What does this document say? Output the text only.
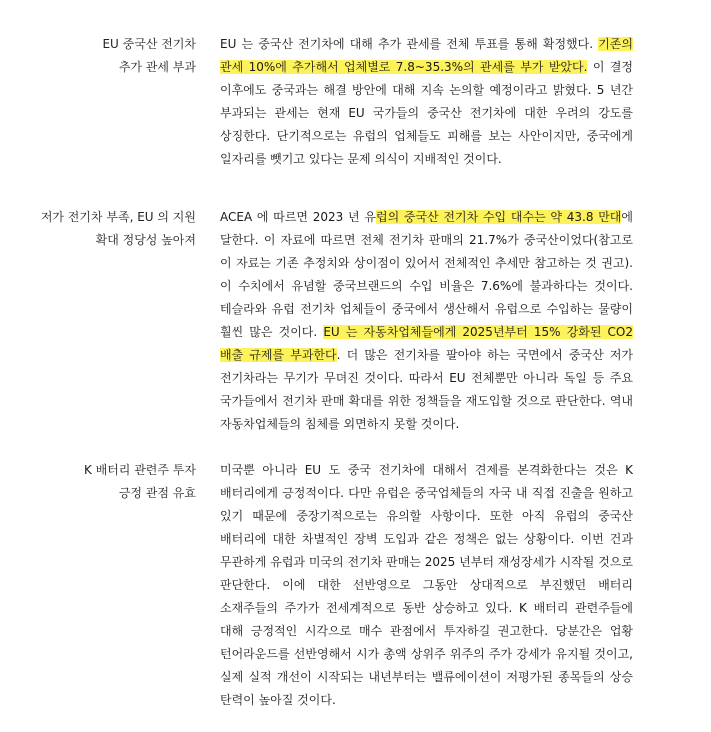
EU 중국산 전기차
추가 관세 부과
EU 는 중국산 전기차에 대해 추가 관세를 전체 투표를 통해 확정했다. 기존의 관세 10%에 추가해서 업체별로 7.8~35.3%의 관세를 부가 받았다. 이 결정 이후에도 중국과는 해결 방안에 대해 지속 논의할 예정이라고 밝혔다. 5 년간 부과되는 관세는 현재 EU 국가들의 중국산 전기차에 대한 우려의 강도를 상징한다. 단기적으로는 유럽의 업체들도 피해를 보는 사안이지만, 중국에게 일자리를 뺏기고 있다는 문제 의식이 지배적인 것이다.
저가 전기차 부족, EU 의 지원
확대 정당성 높아져
ACEA 에 따르면 2023 년 유럽의 중국산 전기차 수입 대수는 약 43.8 만대에 달한다. 이 자료에 따르면 전체 전기차 판매의 21.7%가 중국산이었다(참고로 이 자료는 기존 추정치와 상이점이 있어서 전체적인 추세만 참고하는 것 권고). 이 수치에서 유념할 중국브랜드의 수입 비율은 7.6%에 불과하다는 것이다. 테슬라와 유럽 전기차 업체들이 중국에서 생산해서 유럽으로 수입하는 물량이 훨씬 많은 것이다. EU 는 자동차업체들에게 2025년부터 15% 강화된 CO2 배출 규제를 부과한다. 더 많은 전기차를 팔아야 하는 국면에서 중국산 저가 전기차라는 무기가 무뎌진 것이다. 따라서 EU 전체뿐만 아니라 독일 등 주요 국가들에서 전기차 판매 확대를 위한 정책들을 재도입할 것으로 판단한다. 역내 자동차업체들의 침체를 외면하지 못할 것이다.
K 배터리 관련주 투자
긍정 관점 유효
미국뿐 아니라 EU 도 중국 전기차에 대해서 견제를 본격화한다는 것은 K 배터리에게 긍정적이다. 다만 유럽은 중국업체들의 자국 내 직접 진출을 원하고 있기 때문에 중장기적으로는 유의할 사항이다. 또한 아직 유럽의 중국산 배터리에 대한 차별적인 장벽 도입과 같은 정책은 없는 상황이다. 이번 건과 무관하게 유럽과 미국의 전기차 판매는 2025 년부터 재성장세가 시작될 것으로 판단한다. 이에 대한 선반영으로 그동안 상대적으로 부진했던 배터리 소재주들의 주가가 전세계적으로 동반 상승하고 있다. K 배터리 관련주들에 대해 긍정적인 시각으로 매수 관점에서 투자하길 권고한다. 당분간은 업황 턴어라운드를 선반영해서 시가 총액 상위주 위주의 주가 강세가 유지될 것이고, 실제 실적 개선이 시작되는 내년부터는 밸류에이션이 저평가된 종목들의 상승 탄력이 높아질 것이다.
